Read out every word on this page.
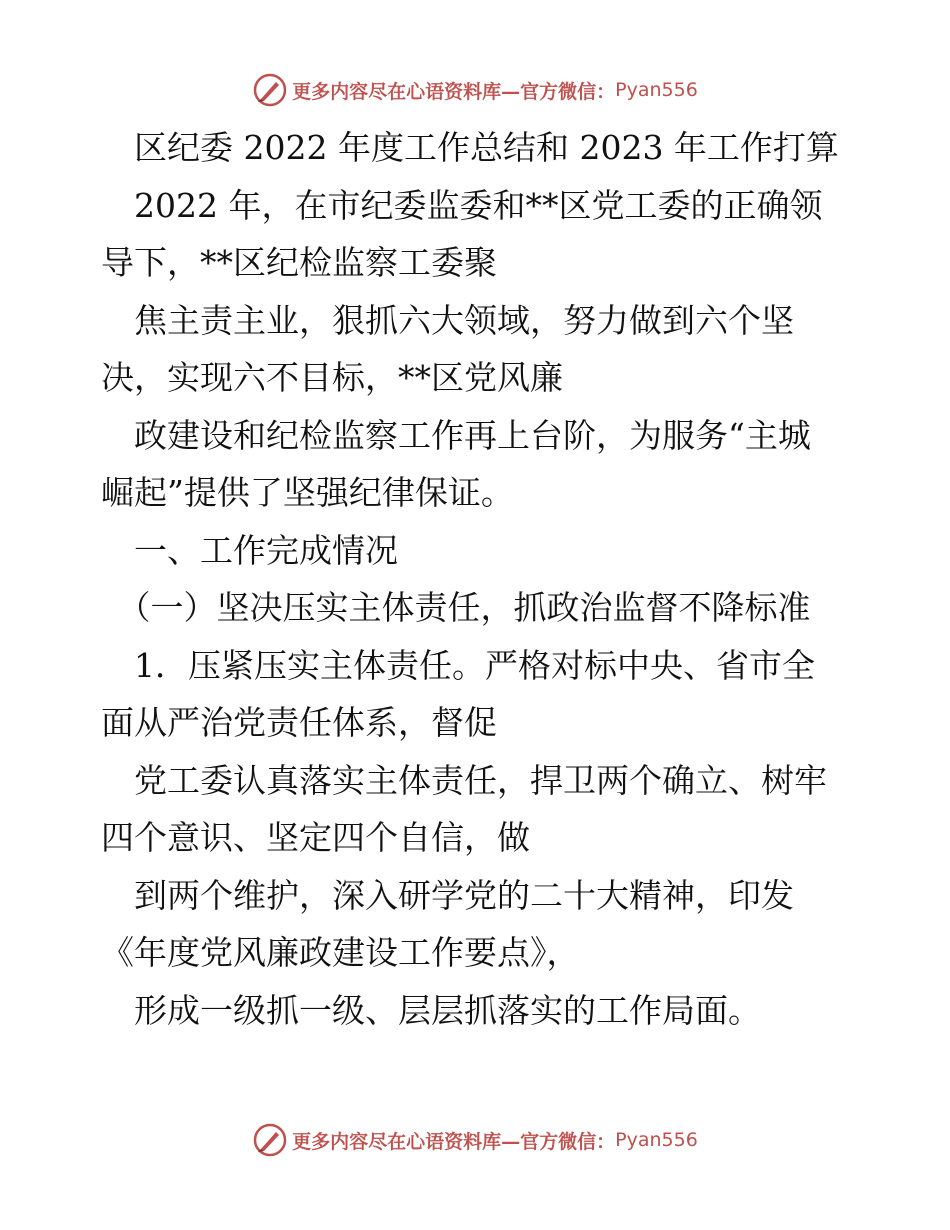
更多内容尽在心语资料库—官方微信： Pyan556
　区纪委 2022 年度工作总结和 2023 年工作打算
　2022 年，在市纪委监委和**区党工委的正确领
导下，**区纪检监察工委聚
　焦主责主业，狠抓六大领域，努力做到六个坚
决，实现六不目标，**区党风廉
　政建设和纪检监察工作再上台阶，为服务“主城
崛起”提供了坚强纪律保证。
　一、工作完成情况
　（一）坚决压实主体责任，抓政治监督不降标准
　1．压紧压实主体责任。严格对标中央、省市全
面从严治党责任体系，督促
　党工委认真落实主体责任，捍卫两个确立、树牢
四个意识、坚定四个自信，做
　到两个维护，深入研学党的二十大精神，印发
《年度党风廉政建设工作要点》，
　形成一级抓一级、层层抓落实的工作局面。
更多内容尽在心语资料库—官方微信： Pyan556
